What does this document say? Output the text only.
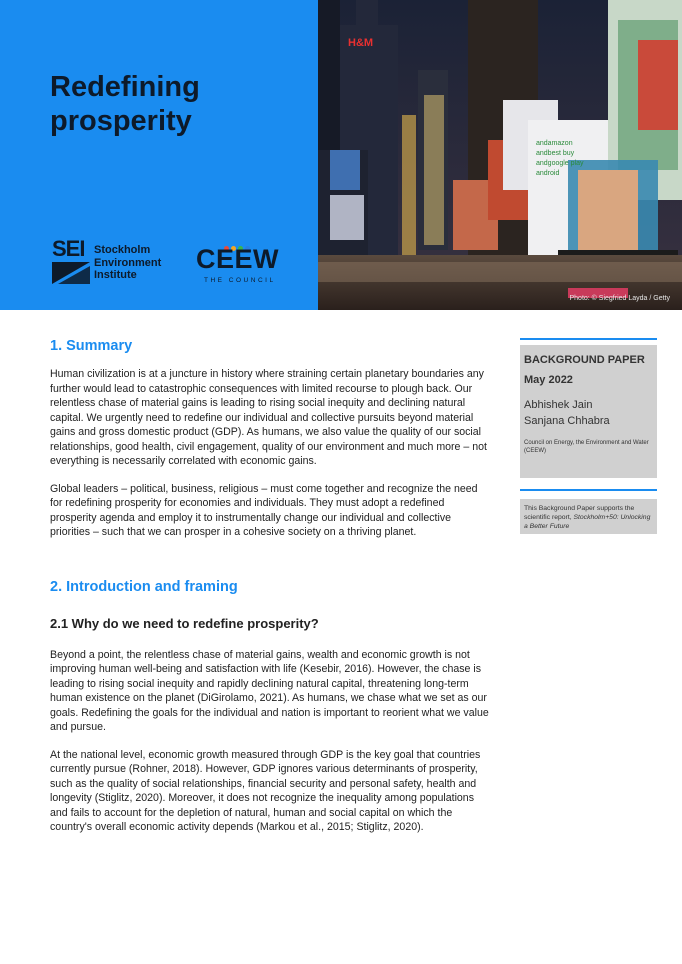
Redefining
prosperity
SEI Stockholm
Environment
Institute
CEEW
THE COUNCIL
H&M
andamazon
andbest buy
andgoogle play
android
Photo: © Siegfried Layda / Getty
1. Summary

Human civilization is at a juncture in history where straining certain planetary boundaries any further would lead to catastrophic consequences with limited recourse to plough back. Our relentless chase of material gains is leading to rising social inequity and declining natural capital. We urgently need to redefine our individual and collective pursuits beyond material gains and gross domestic product (GDP). As humans, we also value the quality of our social relationships, good health, civil engagement, quality of our environment and much more – not everything is necessarily correlated with economic gains.

Global leaders – political, business, religious – must come together and recognize the need for redefining prosperity for economies and individuals. They must adopt a redefined prosperity agenda and employ it to instrumentally change our individual and collective priorities – such that we can prosper in a cohesive society on a thriving planet.

2. Introduction and framing
2.1 Why do we need to redefine prosperity?

Beyond a point, the relentless chase of material gains, wealth and economic growth is not improving human well-being and satisfaction with life (Kesebir, 2016). However, the chase is leading to rising social inequity and rapidly declining natural capital, threatening long-term human existence on the planet (DiGirolamo, 2021). As humans, we chase what we set as our goals. Redefining the goals for the individual and nation is important to reorient what we value and pursue.

At the national level, economic growth measured through GDP is the key goal that countries currently pursue (Rohner, 2018). However, GDP ignores various determinants of prosperity, such as the quality of social relationships, financial security and personal safety, health and longevity (Stiglitz, 2020). Moreover, it does not recognize the inequality among populations and fails to account for the depletion of natural, human and social capital on which the country's overall economic activity depends (Markou et al., 2015; Stiglitz, 2020).

BACKGROUND PAPER
May 2022
Abhishek Jain
Sanjana Chhabra
Council on Energy, the Environment and Water (CEEW)
This Background Paper supports the scientific report, Stockholm+50: Unlocking a Better Future
